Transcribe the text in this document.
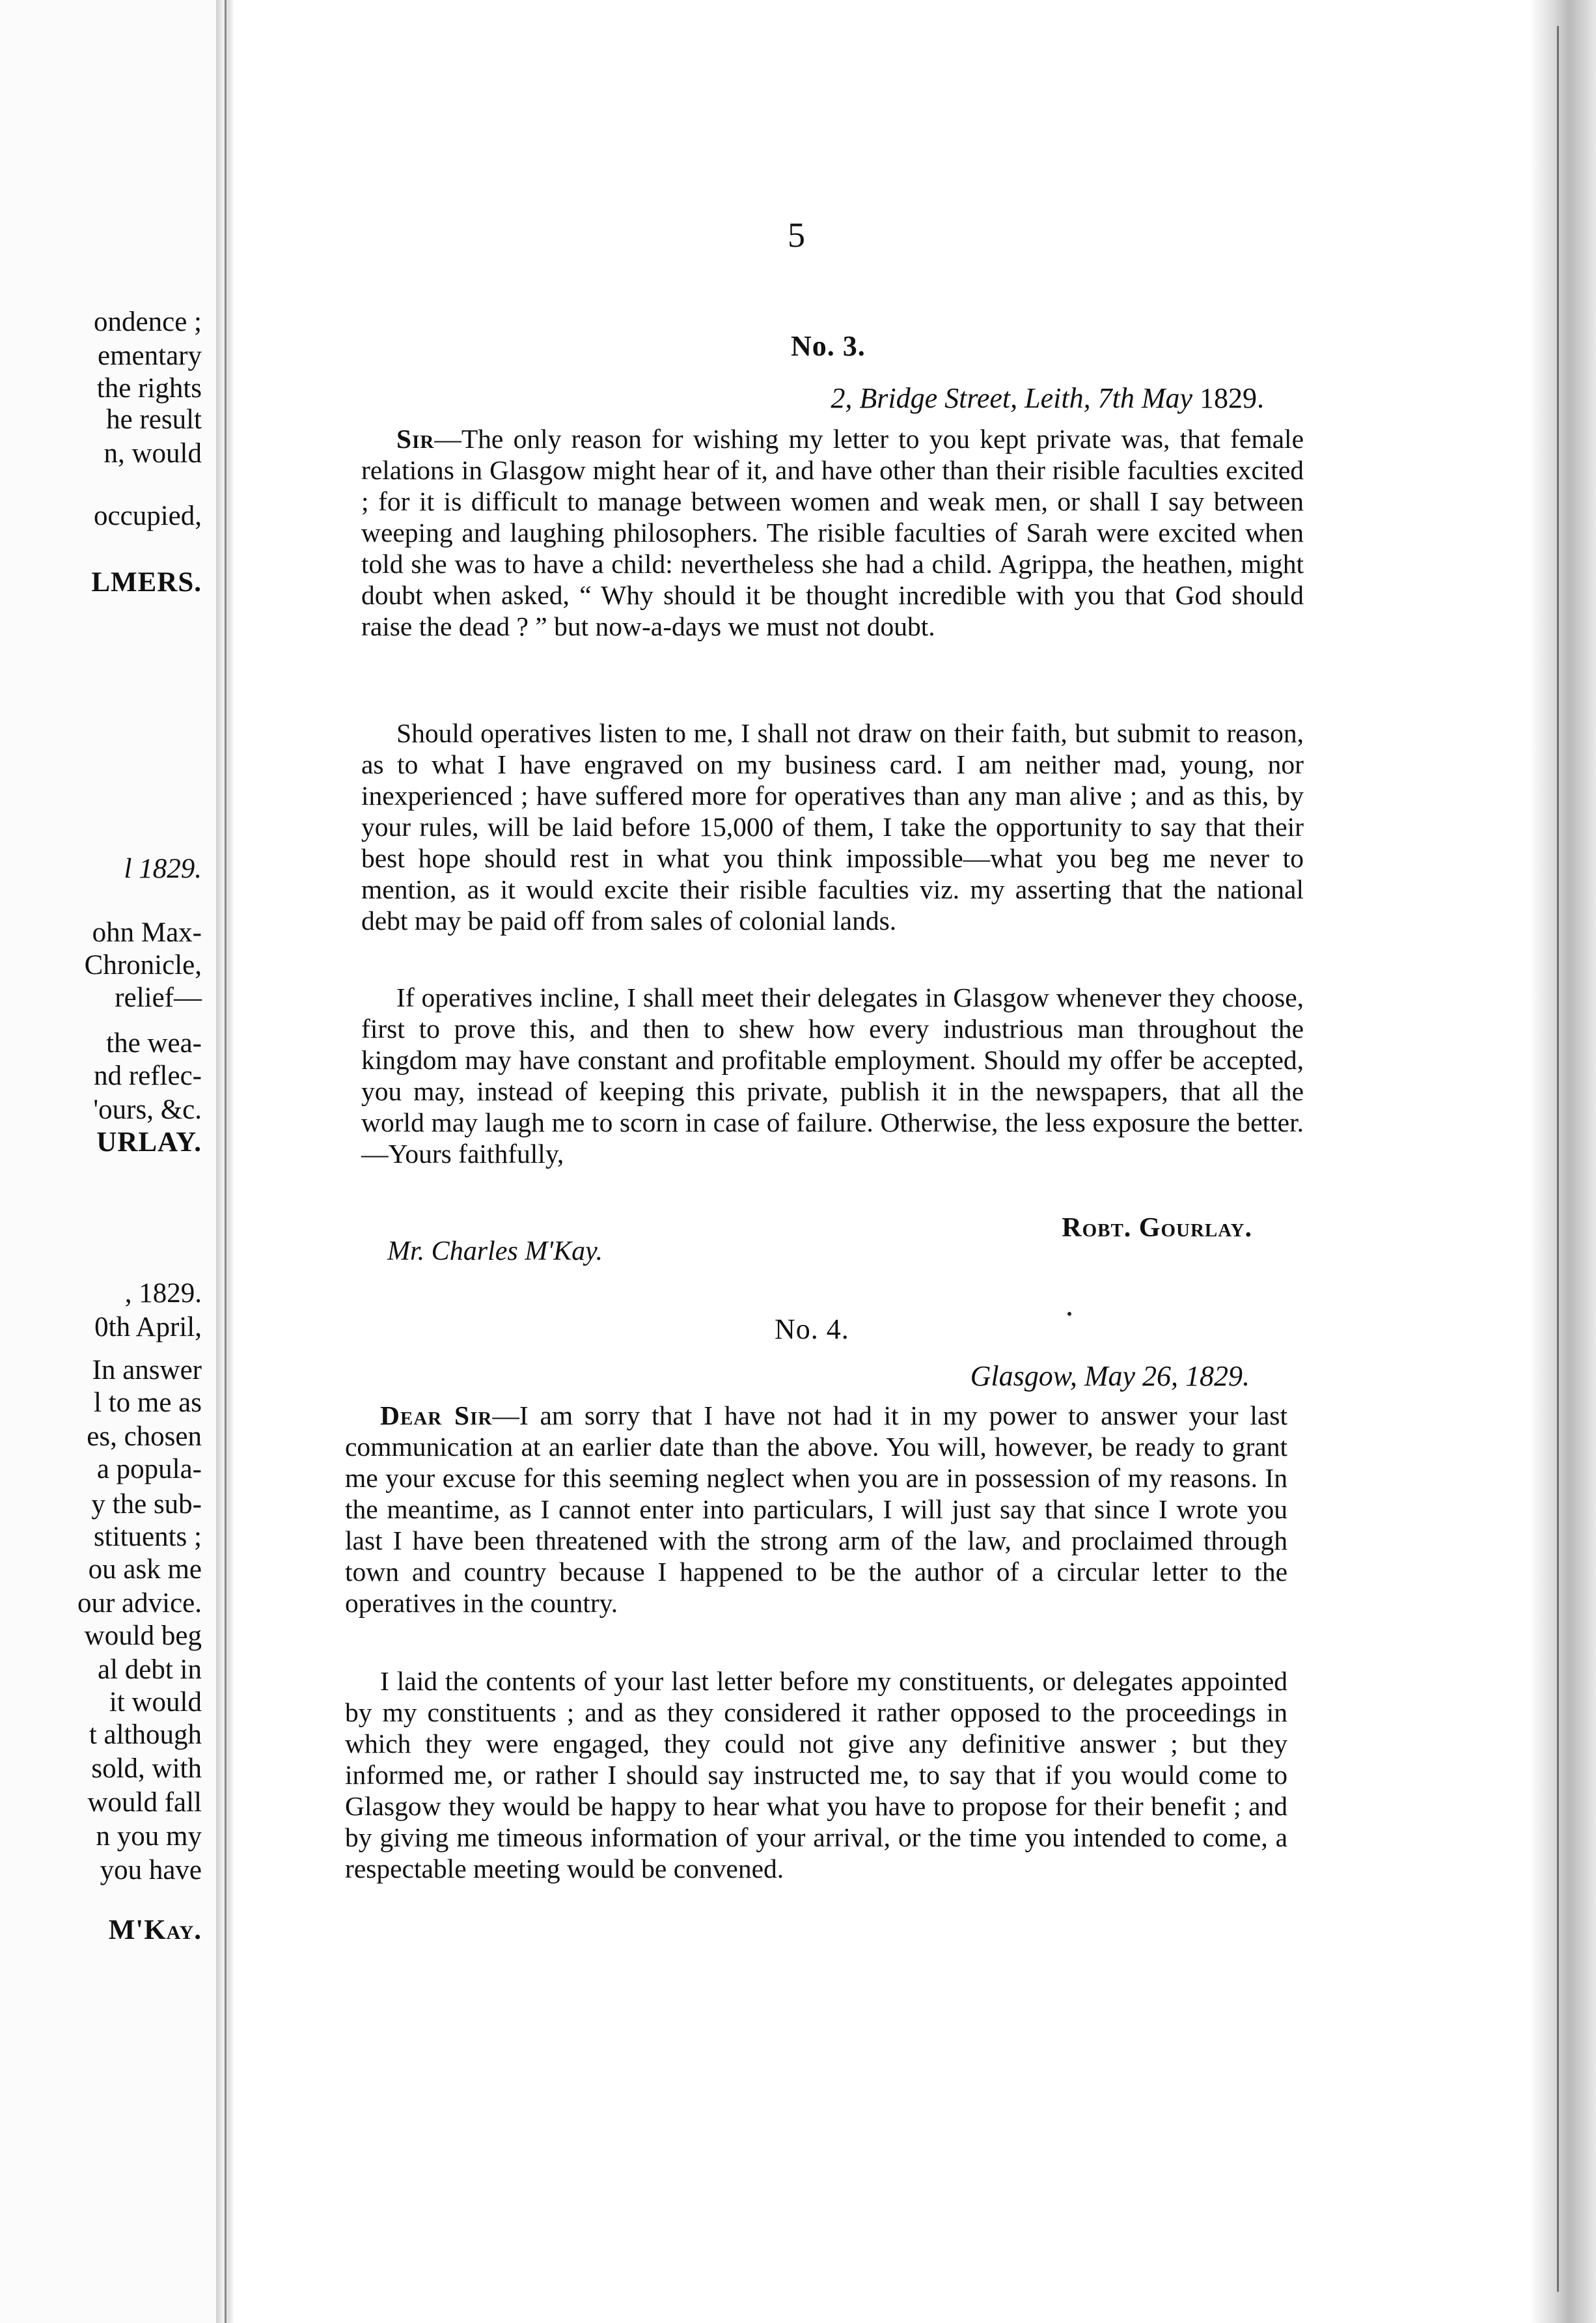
ondence ;
ementary
the rights
he result
n, would
occupied,
LMERS.
l 1829.
ohn Max-
Chronicle,
relief—
the wea-
nd reflec-
'ours, &c.
URLAY.
, 1829.
0th April,
In answer
l to me as
es, chosen
a popula-
y the sub-
stituents ;
ou ask me
our advice.
would beg
al debt in
it would
t although
sold, with
would fall
n you my
you have
M'Kay.
5
No. 3.
2, Bridge Street, Leith, 7th May 1829.

Sir—The only reason for wishing my letter to you kept private was, that female relations in Glasgow might hear of it, and have other than their risible faculties excited ; for it is difficult to manage between women and weak men, or shall I say between weeping and laughing philosophers. The risible faculties of Sarah were excited when told she was to have a child: nevertheless she had a child. Agrippa, the heathen, might doubt when asked, “ Why should it be thought incredible with you that God should raise the dead ? ” but now-a-days we must not doubt.

Should operatives listen to me, I shall not draw on their faith, but submit to reason, as to what I have engraved on my business card. I am neither mad, young, nor inexperienced ; have suffered more for operatives than any man alive ; and as this, by your rules, will be laid before 15,000 of them, I take the opportunity to say that their best hope should rest in what you think impossible—what you beg me never to mention, as it would excite their risible faculties viz. my asserting that the national debt may be paid off from sales of colonial lands.

If operatives incline, I shall meet their delegates in Glasgow whenever they choose, first to prove this, and then to shew how every industrious man throughout the kingdom may have constant and profitable employment. Should my offer be accepted, you may, instead of keeping this private, publish it in the newspapers, that all the world may laugh me to scorn in case of failure. Otherwise, the less exposure the better.—Yours faithfully,

Robt. Gourlay.
Mr. Charles M'Kay.
No. 4.
Glasgow, May 26, 1829.

Dear Sir—I am sorry that I have not had it in my power to answer your last communication at an earlier date than the above. You will, however, be ready to grant me your excuse for this seeming neglect when you are in possession of my reasons. In the meantime, as I cannot enter into particulars, I will just say that since I wrote you last I have been threatened with the strong arm of the law, and proclaimed through town and country because I happened to be the author of a circular letter to the operatives in the country.

I laid the contents of your last letter before my constituents, or delegates appointed by my constituents ; and as they considered it rather opposed to the proceedings in which they were engaged, they could not give any definitive answer ; but they informed me, or rather I should say instructed me, to say that if you would come to Glasgow they would be happy to hear what you have to propose for their benefit ; and by giving me timeous information of your arrival, or the time you intended to come, a respectable meeting would be convened.
